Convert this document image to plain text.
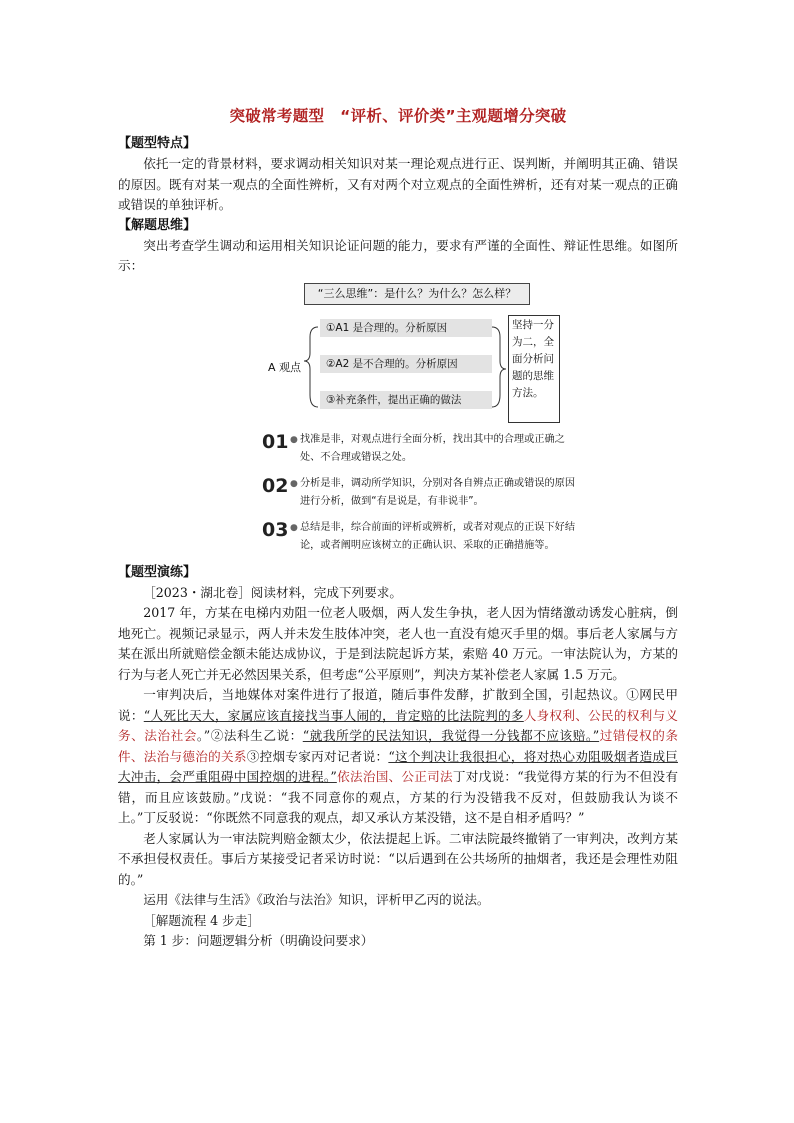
突破常考题型　“评析、评价类”主观题增分突破
【题型特点】
依托一定的背景材料，要求调动相关知识对某一理论观点进行正、误判断，并阐明其正确、错误的原因。既有对某一观点的全面性辨析，又有对两个对立观点的全面性辨析，还有对某一观点的正确或错误的单独评析。
【解题思维】
突出考查学生调动和运用相关知识论证问题的能力，要求有严谨的全面性、辩证性思维。如图所示：
“三么思维”：是什么？为什么？怎么样？
A 观点
①A1 是合理的。分析原因
②A2 是不合理的。分析原因
③补充条件，提出正确的做法
坚持一分为二，全面分析问题的思维方法。
01 ● 找准是非，对观点进行全面分析，找出其中的合理或正确之处、不合理或错误之处。
02 ● 分析是非，调动所学知识，分别对各自辨点正确或错误的原因进行分析，做到“有是说是，有非说非”。
03 ● 总结是非，综合前面的评析或辨析，或者对观点的正误下好结论，或者阐明应该树立的正确认识、采取的正确措施等。
【题型演练】
［2023・湖北卷］阅读材料，完成下列要求。
2017 年，方某在电梯内劝阻一位老人吸烟，两人发生争执，老人因为情绪激动诱发心脏病，倒地死亡。视频记录显示，两人并未发生肢体冲突，老人也一直没有熄灭手里的烟。事后老人家属与方某在派出所就赔偿金额未能达成协议，于是到法院起诉方某，索赔 40 万元。一审法院认为，方某的行为与老人死亡并无必然因果关系，但考虑“公平原则”，判决方某补偿老人家属 1.5 万元。
一审判决后，当地媒体对案件进行了报道，随后事件发酵，扩散到全国，引起热议。①网民甲说：“人死比天大，家属应该直接找当事人闹的，肯定赔的比法院判的多人身权利、公民的权利与义务、法治社会。”②法科生乙说：“就我所学的民法知识，我觉得一分钱都不应该赔。”过错侵权的条件、法治与德治的关系③控烟专家丙对记者说：“这个判决让我很担心，将对热心劝阻吸烟者造成巨大冲击，会严重阻碍中国控烟的进程。”依法治国、公正司法丁对戊说：“我觉得方某的行为不但没有错，而且应该鼓励。”戊说：“我不同意你的观点，方某的行为没错我不反对，但鼓励我认为谈不上。”丁反驳说：“你既然不同意我的观点，却又承认方某没错，这不是自相矛盾吗？”
老人家属认为一审法院判赔金额太少，依法提起上诉。二审法院最终撤销了一审判决，改判方某不承担侵权责任。事后方某接受记者采访时说：“以后遇到在公共场所的抽烟者，我还是会理性劝阻的。”
运用《法律与生活》《政治与法治》知识，评析甲乙丙的说法。
［解题流程 4 步走］
第 1 步：问题逻辑分析（明确设问要求）
